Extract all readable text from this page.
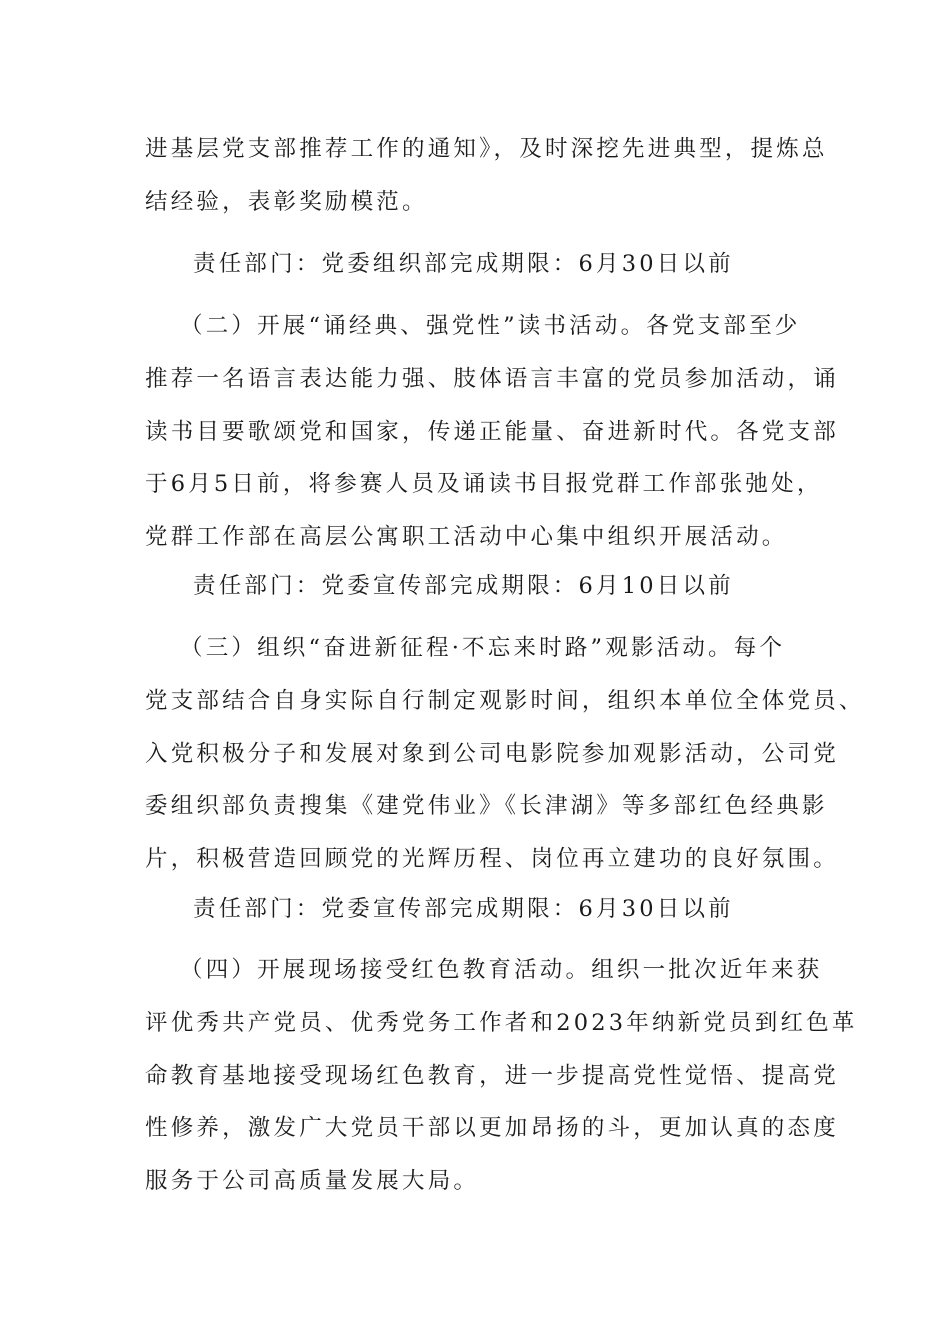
进基层党支部推荐工作的通知》，及时深挖先进典型，提炼总
结经验，表彰奖励模范。
责任部门：党委组织部完成期限：6月30日以前
（二）开展“诵经典、强党性”读书活动。各党支部至少
推荐一名语言表达能力强、肢体语言丰富的党员参加活动，诵
读书目要歌颂党和国家，传递正能量、奋进新时代。各党支部
于6月5日前，将参赛人员及诵读书目报党群工作部张弛处，
党群工作部在高层公寓职工活动中心集中组织开展活动。
责任部门：党委宣传部完成期限：6月10日以前
（三）组织“奋进新征程·不忘来时路”观影活动。每个
党支部结合自身实际自行制定观影时间，组织本单位全体党员、
入党积极分子和发展对象到公司电影院参加观影活动，公司党
委组织部负责搜集《建党伟业》《长津湖》等多部红色经典影
片，积极营造回顾党的光辉历程、岗位再立建功的良好氛围。
责任部门：党委宣传部完成期限：6月30日以前
（四）开展现场接受红色教育活动。组织一批次近年来获
评优秀共产党员、优秀党务工作者和2023年纳新党员到红色革
命教育基地接受现场红色教育，进一步提高党性觉悟、提高党
性修养，激发广大党员干部以更加昂扬的斗，更加认真的态度
服务于公司高质量发展大局。
